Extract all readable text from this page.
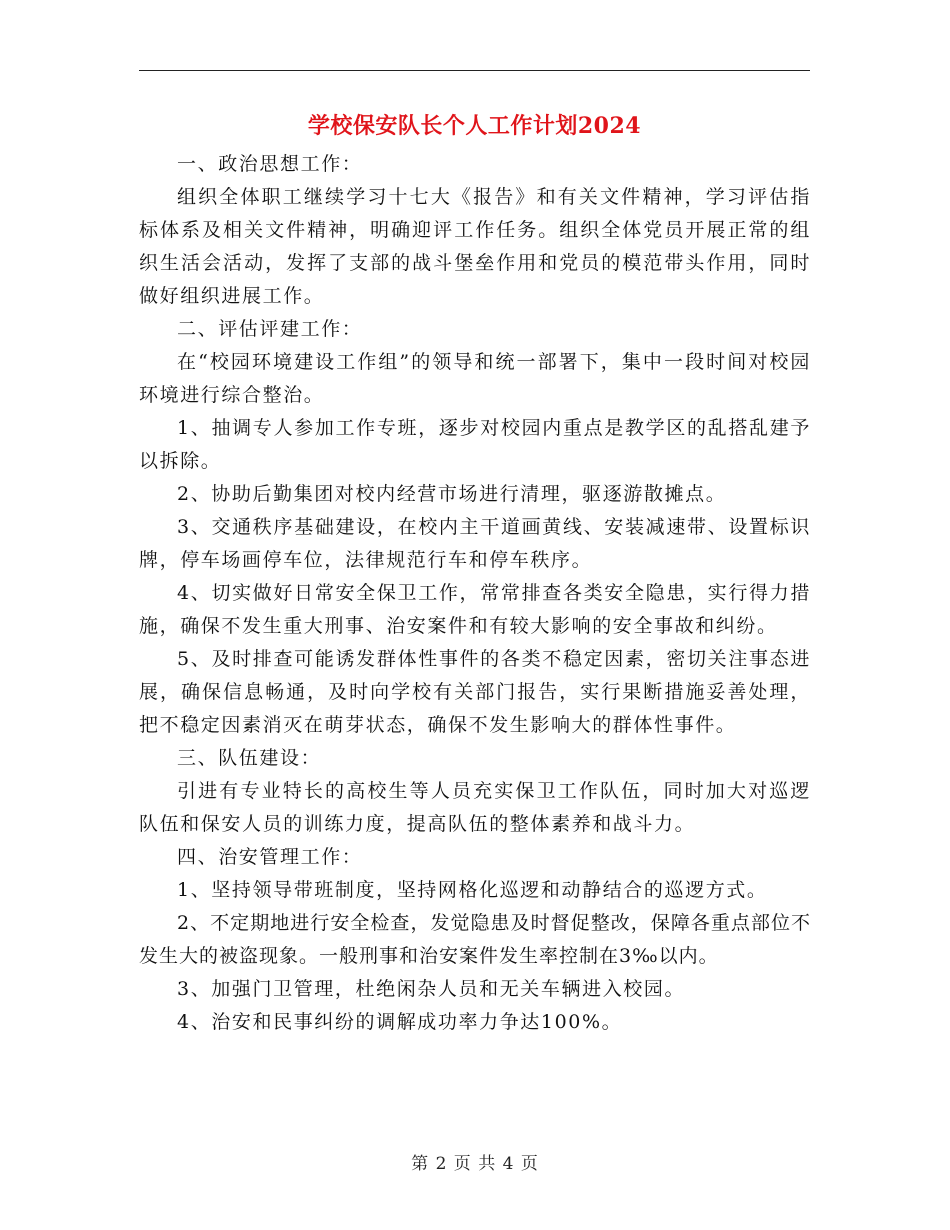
学校保安队长个人工作计划2024

一、政治思想工作：

组织全体职工继续学习十七大《报告》和有关文件精神，学习评估指标体系及相关文件精神，明确迎评工作任务。组织全体党员开展正常的组织生活会活动，发挥了支部的战斗堡垒作用和党员的模范带头作用，同时做好组织进展工作。

二、评估评建工作：

在“校园环境建设工作组”的领导和统一部署下，集中一段时间对校园环境进行综合整治。

1、抽调专人参加工作专班，逐步对校园内重点是教学区的乱搭乱建予以拆除。

2、协助后勤集团对校内经营市场进行清理，驱逐游散摊点。

3、交通秩序基础建设，在校内主干道画黄线、安装减速带、设置标识牌，停车场画停车位，法律规范行车和停车秩序。

4、切实做好日常安全保卫工作，常常排查各类安全隐患，实行得力措施，确保不发生重大刑事、治安案件和有较大影响的安全事故和纠纷。

5、及时排查可能诱发群体性事件的各类不稳定因素，密切关注事态进展，确保信息畅通，及时向学校有关部门报告，实行果断措施妥善处理，把不稳定因素消灭在萌芽状态，确保不发生影响大的群体性事件。

三、队伍建设：

引进有专业特长的高校生等人员充实保卫工作队伍，同时加大对巡逻队伍和保安人员的训练力度，提高队伍的整体素养和战斗力。

四、治安管理工作：

1、坚持领导带班制度，坚持网格化巡逻和动静结合的巡逻方式。

2、不定期地进行安全检查，发觉隐患及时督促整改，保障各重点部位不发生大的被盗现象。一般刑事和治安案件发生率控制在3‰以内。

3、加强门卫管理，杜绝闲杂人员和无关车辆进入校园。

4、治安和民事纠纷的调解成功率力争达100%。

第 2 页 共 4 页
